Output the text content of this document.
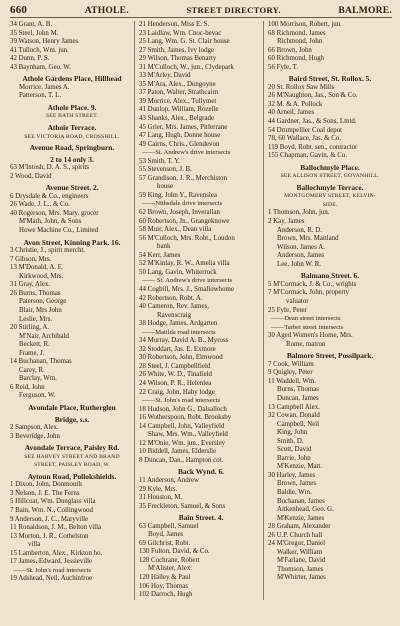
660	ATHOLE.	STREET DIRECTORY.	BALMORE.
34 Grant, A. B.
35 Steel, John M.
39 Watson, Henry James
41 Tulloch, Wm. jun.
42 Dunn, P. S.
43 Baynham, Geo. W.
Athole Gardens Place, Hillhead
Morrice, James A.
Patterson, T. L.
Athole Place. 9.
SEE BATH STREET.
Athole Terrace.
SEE VICTORIA ROAD, CROSSHILL.
Avenue Road, Springburn.
2 to 14 only 3.
63 M'Intosh, D. A. S., spirits
2 Wood, David
Avenue Street. 2.
6 Drysdale & Co., engineers
26 Wade, J. L., & Co.
40 Rogerson, Mrs. Mary, grocer
M'Math, John, & Sons
Howe Machine Co., Limited
Avon Street, Kinning Park. 16.
3 Christie, J., spirit mercht.
7 Gibson, Mrs.
13 M'Donald, A. F.
Kirkwood, Mrs.
31 Gray, Alex.
26 Burns, Thomas
Paterson, George
Blair, Mrs John
Leslie, Mrs.
20 Stirling, A.
M'Nair, Archibald
Beckett, R.
Frame, J.
14 Buchanan, Thomas
Carey, R.
Barclay, Wm.
6 Reid, John
Ferguson, W.
Avondale Place, Rutherglen
Bridge, s.s.
2 Sampson, Alex.
3 Beveridge, John
Avondale Terrace, Paisley Rd.
SEE HARVEY STREET AND BRAND
STREET, PAISLEY ROAD, W.
Aytoun Road, Pollokshields.
1 Dixon, John, Donmouth
3 Nelson, J. E. The Ferns
5 Hillcoat, Wm. Dunglass villa
7 Bain, Wm. N., Collingwood
9 Anderson, J. C., Maryville
11 Ronaldson, J. M., Belton villa
13 Morton, J. R., Cothelston
villa
15 Lamberton, Alex., Kirkton ho.
17 James, Edward, Jessieville
——St. John's road intersects
19 Adshead, Neil, Auchinfroe
21 Henderson, Miss E. S.
23 Laidlaw, Wm. Cnoc-bevac
25 Lang, Wm. G. St. Clair house
27 Smith, James, Ivy lodge
29 Wilson, Thomas Benarty
31 M'Culloch, W., jun., Clydepark
33 M'Arley, David
35 M'Ara, Alex., Dungoyne
37 Paton, Walter, Strathcairn
39 Morrice, Alex., Tullymet
41 Dunlop, William, Rozelle
43 Shanks, Alex., Belgrade
45 Grier, Mrs. James, Pitferrane
47 Lang, Hugh, Donne house
49 Cairns, Chris., Glendevon
——St. Andrew's drive intersects
53 Smith, T. Y.
55 Stevenson, J. B.
57 Grandison, J. R., Merchiston
house
59 King, John Y., Ravenslea
——Nithsdale drive intersects
62 Brown, Joseph, Inverallan
60 Robertson, Jn., Grangeknowe
58 Muir, Alex., Dean villa
56 M'Culloch, Mrs. Robt., Loudon
bank
54 Kerr, James
52 M'Kinlay, R. W., Amelia villa
50 Lang, Gavin, Whiterrock
—— St. Andrew's drive intersects
44 Cogbill, Mrs. J., Smallowhome
42 Robertson, Robt. A.
40 Cameron, Rev. James,
Ravenscraig
38 Hodge, James, Ardgarten
——Matilda road intersects
34 Murray, David A. B., Myross
32 Stoddart, Jas. E. Exmore
30 Robertson, John, Elmwood
28 Steel, J. Campbellfield
26 White, W. D., Tinafield
24 Wilson, P. R., Helenlea
22 Craig, John, Haby lodge
——St. John's road intersects
18 Hudson, John G., Dalsalloch
16 Wotherspoon, Robt. Brooksby
14 Campbell, John, Valleyfield
Shaw, Mrs. Wm., Valleyfield
12 M'Onie, Wm. jun., Eversley
10 Biddell, James, Elderslie
8 Duncan, Dan., Hampton cot.
Back Wynd. 6.
11 Anderson, Andrew
29 Kyle, Mrs.
31 Houston, M.
35 Freckleton, Samuel, & Sons
Bain Street. 4.
63 Campbell, Samuel
Boyd, James
69 Gilchrist, Robt.
130 Fulton, David, & Co.
128 Cochrane, Robert
M'Alister, Alex.
120 Halley & Paul
106 Hoy, Thomas
102 Darroch, Hugh
100 Morrison, Robert, jun.
68 Richmond, James
Richmond, John
66 Brown, John
60 Richmond, Hugh
56 Fyfe, T.
Baird Street, St. Rollox. 5.
20 St. Rollox Saw Mills
26 M'Naughton, Jas., Son & Co.
32 M. & A. Pollock
40 Arneil, James
44 Gardner, Jas., & Sons, Lmtd.
54 Drumpellier Coal depot
78, 60 Wallace, Jas. & Co.
119 Boyd, Robt. sen., contractor
155 Chapman, Gavin, & Co.
Ballochmyle Place.
SEE ALLISON STREET, GOVANHILL.
Ballochmyle Terrace.
MONTGOMERY STREET, KELVIN-
SIDE.
1 Thomson, John, jun.
2 Kay, James
Anderson, R. D.
Brown, Mrs. Maitland
Wilson, James A.
Anderson, James
Lee, John W. R.
Balmano Street. 6.
5 M'Cormack, J. & Co., wrights
7 M'Cormack, John, property
valuator
25 Fyfe, Peter
——Dean street intersects
——Tarbet street intersects
30 Aged Women's Home, Mrs.
Rome, matron
Balmore Street, Possilpark.
7 Cook, William
9 Quigley, Peter
11 Waddell, Wm.
Burns, Thomas
Duncan, James
13 Campbell Alex.
32 Cowan, Donald
Campbell, Neil
King, John
Smith, D.
Scott, David
Barrie, John
M'Kenzie, Matt.
30 Harley, James
Brown, James
Baldie, Wm.
Buchanan, James
Aitkenhead, Geo. G.
M'Kenzie, James
28 Graham, Alexander
26 U.P. Church hall
24 M'Gregor, Daniel
Walker, William
M'Farlane, David
Thomson, James
M'Whirter, James
